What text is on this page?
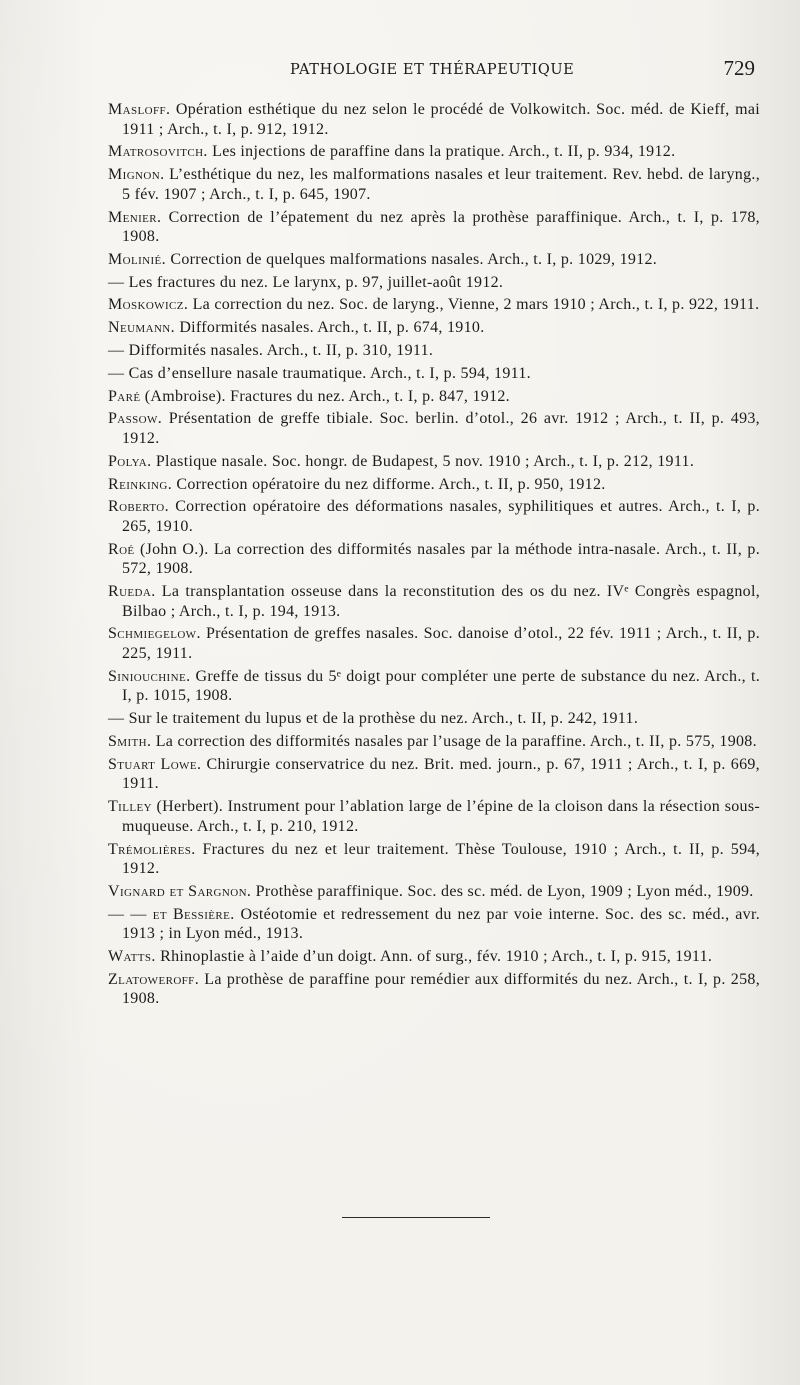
PATHOLOGIE ET THÉRAPEUTIQUE	729
Masloff. Opération esthétique du nez selon le procédé de Volkowitch. Soc. méd. de Kieff, mai 1911 ; Arch., t. I, p. 912, 1912.
Matrosovitch. Les injections de paraffine dans la pratique. Arch., t. II, p. 934, 1912.
Mignon. L’esthétique du nez, les malformations nasales et leur traitement. Rev. hebd. de laryng., 5 fév. 1907 ; Arch., t. I, p. 645, 1907.
Menier. Correction de l’épatement du nez après la prothèse paraffinique. Arch., t. I, p. 178, 1908.
Molinié. Correction de quelques malformations nasales. Arch., t. I, p. 1029, 1912.
— Les fractures du nez. Le larynx, p. 97, juillet-août 1912.
Moskowicz. La correction du nez. Soc. de laryng., Vienne, 2 mars 1910 ; Arch., t. I, p. 922, 1911.
Neumann. Difformités nasales. Arch., t. II, p. 674, 1910.
— Difformités nasales. Arch., t. II, p. 310, 1911.
— Cas d’ensellure nasale traumatique. Arch., t. I, p. 594, 1911.
Paré (Ambroise). Fractures du nez. Arch., t. I, p. 847, 1912.
Passow. Présentation de greffe tibiale. Soc. berlin. d’otol., 26 avr. 1912 ; Arch., t. II, p. 493, 1912.
Polya. Plastique nasale. Soc. hongr. de Budapest, 5 nov. 1910 ; Arch., t. I, p. 212, 1911.
Reinking. Correction opératoire du nez difforme. Arch., t. II, p. 950, 1912.
Roberto. Correction opératoire des déformations nasales, syphilitiques et autres. Arch., t. I, p. 265, 1910.
Roé (John O.). La correction des difformités nasales par la méthode intra-nasale. Arch., t. II, p. 572, 1908.
Rueda. La transplantation osseuse dans la reconstitution des os du nez. IVᵉ Congrès espagnol, Bilbao ; Arch., t. I, p. 194, 1913.
Schmiegelow. Présentation de greffes nasales. Soc. danoise d’otol., 22 fév. 1911 ; Arch., t. II, p. 225, 1911.
Siniouchine. Greffe de tissus du 5ᵉ doigt pour compléter une perte de substance du nez. Arch., t. I, p. 1015, 1908.
— Sur le traitement du lupus et de la prothèse du nez. Arch., t. II, p. 242, 1911.
Smith. La correction des difformités nasales par l’usage de la paraffine. Arch., t. II, p. 575, 1908.
Stuart Lowe. Chirurgie conservatrice du nez. Brit. med. journ., p. 67, 1911 ; Arch., t. I, p. 669, 1911.
Tilley (Herbert). Instrument pour l’ablation large de l’épine de la cloison dans la résection sous-muqueuse. Arch., t. I, p. 210, 1912.
Trémolières. Fractures du nez et leur traitement. Thèse Toulouse, 1910 ; Arch., t. II, p. 594, 1912.
Vignard et Sargnon. Prothèse paraffinique. Soc. des sc. méd. de Lyon, 1909 ; Lyon méd., 1909.
— — et Bessière. Ostéotomie et redressement du nez par voie interne. Soc. des sc. méd., avr. 1913 ; in Lyon méd., 1913.
Watts. Rhinoplastie à l’aide d’un doigt. Ann. of surg., fév. 1910 ; Arch., t. I, p. 915, 1911.
Zlatoweroff. La prothèse de paraffine pour remédier aux difformités du nez. Arch., t. I, p. 258, 1908.
